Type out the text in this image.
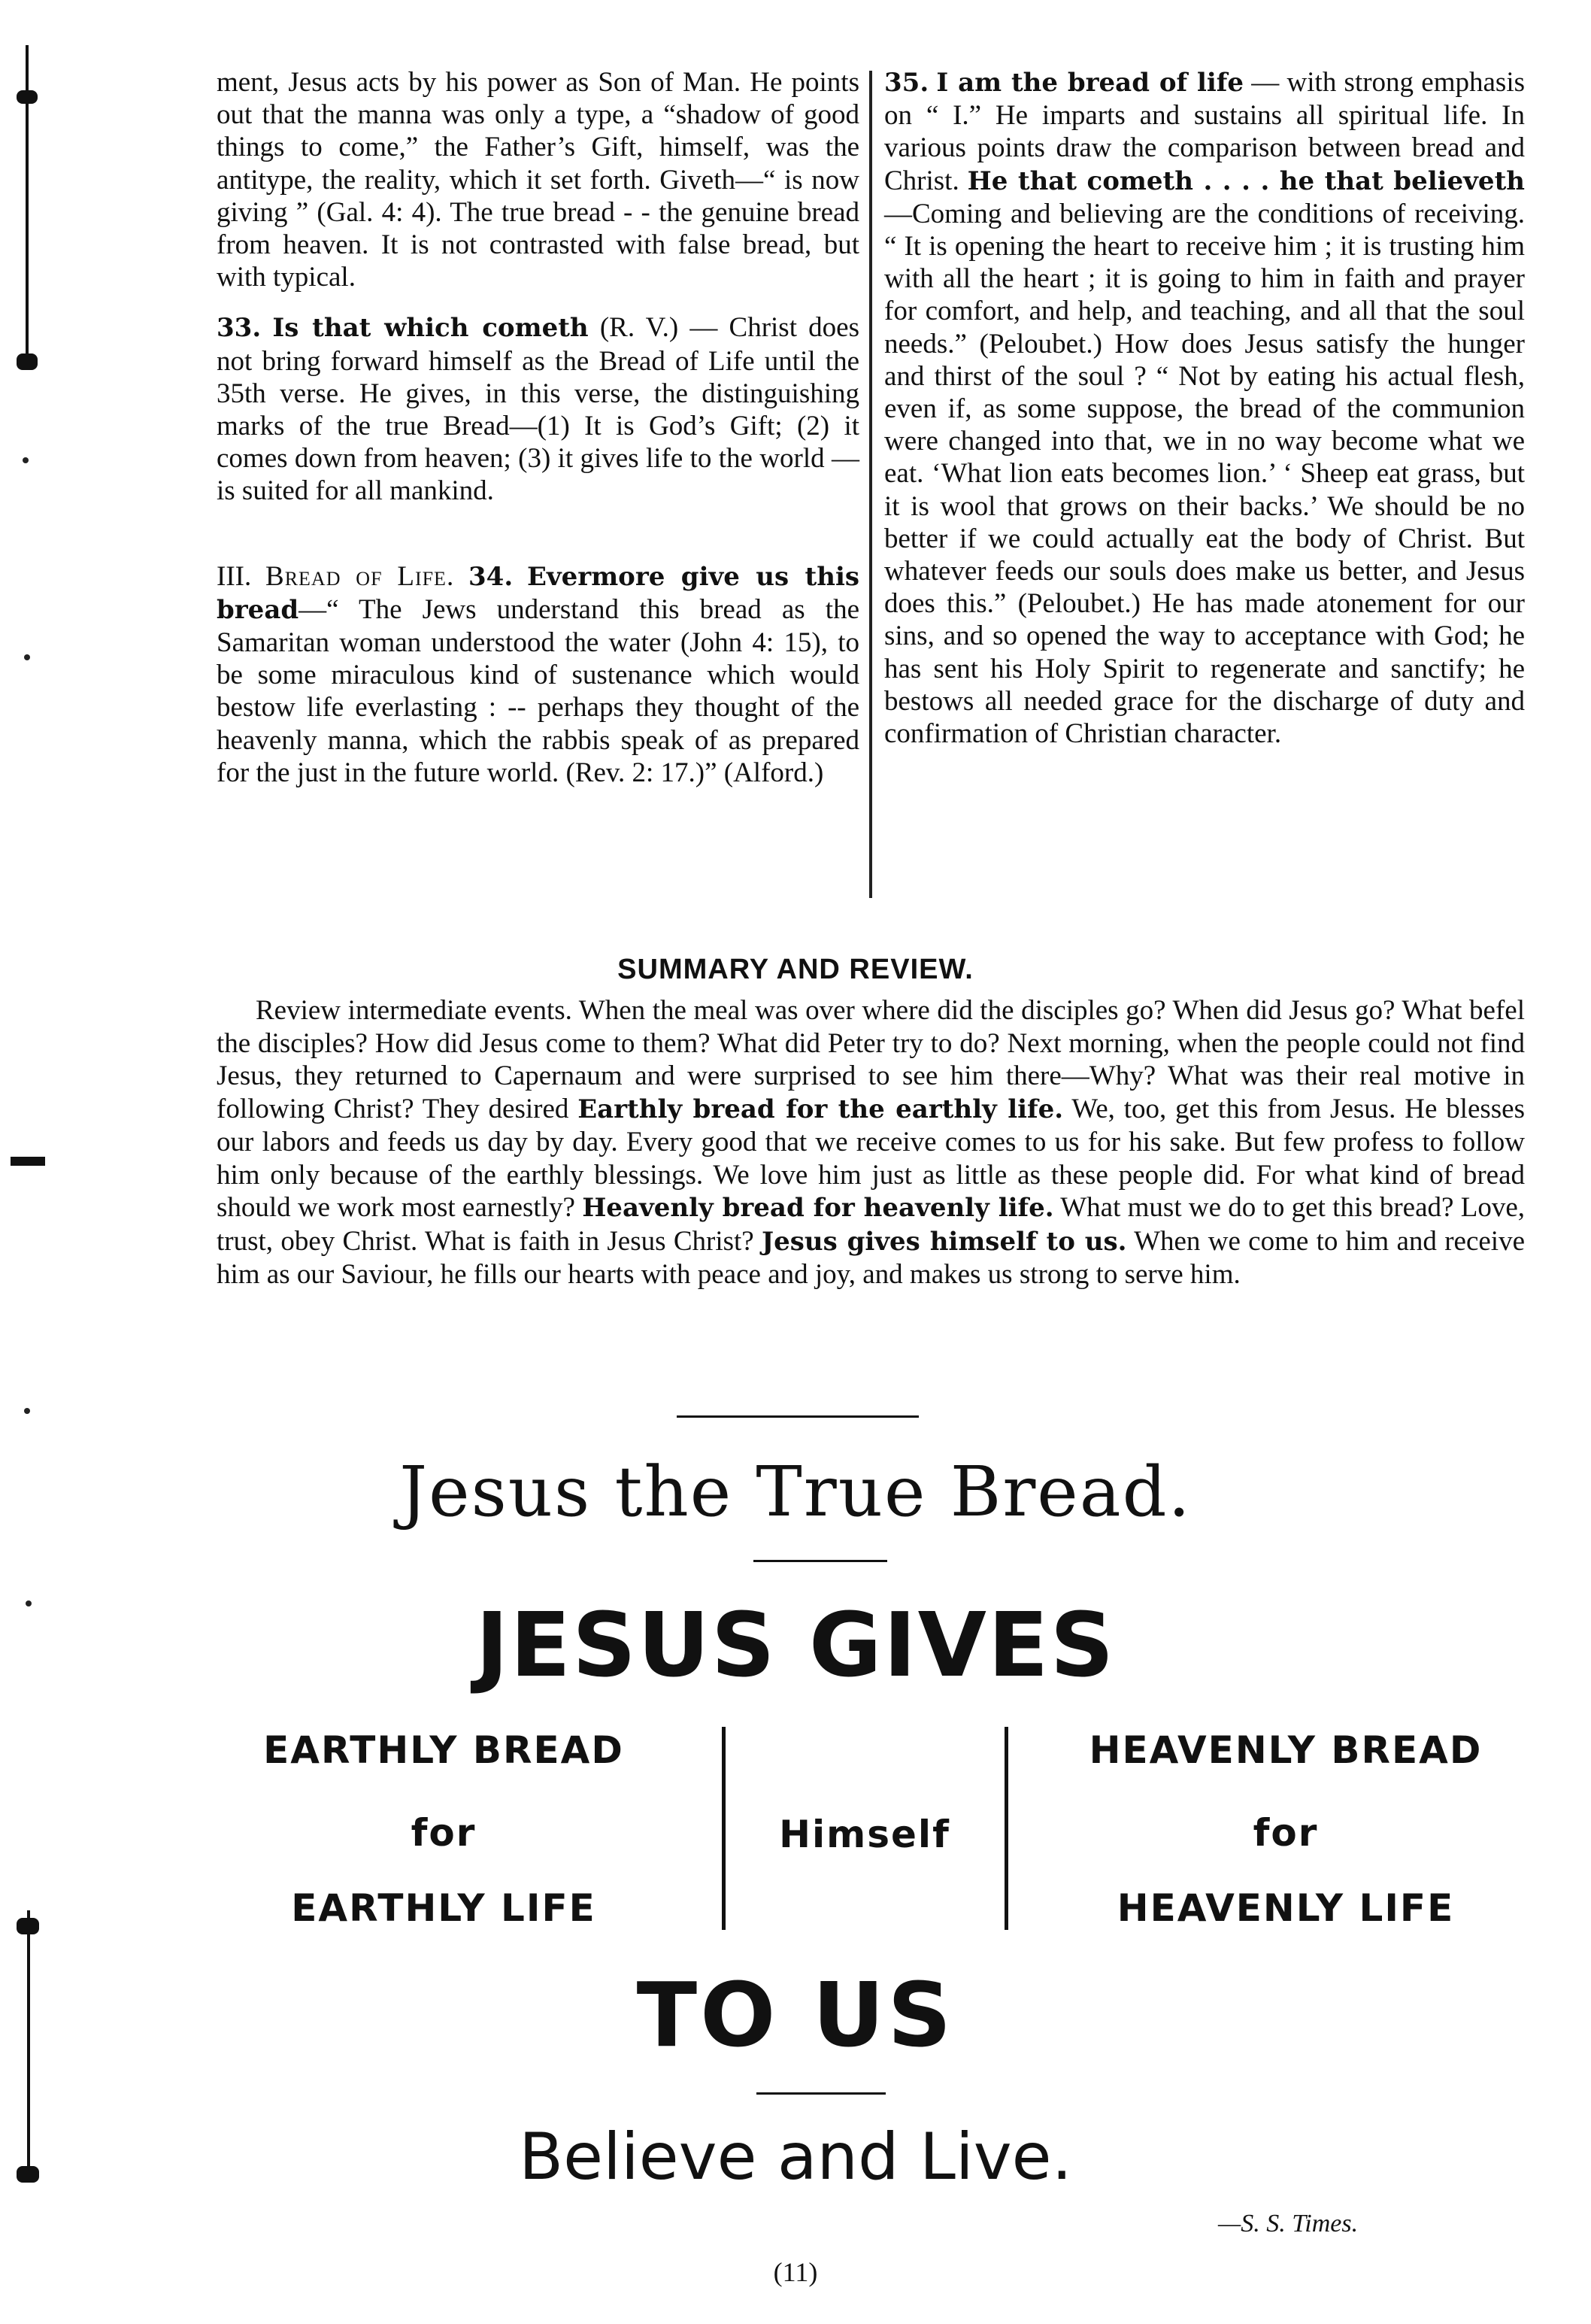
ment, Jesus acts by his power as Son of Man. He points out that the manna was only a type, a “shadow of good things to come,” the Father’s Gift, himself, was the antitype, the reality, which it set forth. Giveth—“ is now giving ” (Gal. 4: 4). The true bread - - the genuine bread from heaven. It is not contrasted with false bread, but with typical.

33. Is that which cometh (R. V.) — Christ does not bring forward himself as the Bread of Life until the 35th verse. He gives, in this verse, the distinguishing marks of the true Bread—(1) It is God’s Gift; (2) it comes down from heaven; (3) it gives life to the world —is suited for all mankind.

III. Bread of Life. 34. Evermore give us this bread—“ The Jews understand this bread as the Samaritan woman understood the water (John 4: 15), to be some miraculous kind of sustenance which would bestow life everlasting : -- perhaps they thought of the heavenly manna, which the rabbis speak of as prepared for the just in the future world. (Rev. 2: 17.)” (Alford.)

35. I am the bread of life — with strong emphasis on “ I.” He imparts and sustains all spiritual life. In various points draw the comparison between bread and Christ. He that cometh . . . . he that believeth—Coming and believing are the conditions of receiving. “ It is opening the heart to receive him ; it is trusting him with all the heart ; it is going to him in faith and prayer for comfort, and help, and teaching, and all that the soul needs.” (Peloubet.) How does Jesus satisfy the hunger and thirst of the soul ? “ Not by eating his actual flesh, even if, as some suppose, the bread of the communion were changed into that, we in no way become what we eat. ‘What lion eats becomes lion.’ ‘ Sheep eat grass, but it is wool that grows on their backs.’ We should be no better if we could actually eat the body of Christ. But whatever feeds our souls does make us better, and Jesus does this.” (Peloubet.) He has made atonement for our sins, and so opened the way to acceptance with God; he has sent his Holy Spirit to regenerate and sanctify; he bestows all needed grace for the discharge of duty and confirmation of Christian character.

SUMMARY AND REVIEW.

Review intermediate events. When the meal was over where did the disciples go? When did Jesus go? What befel the disciples? How did Jesus come to them? What did Peter try to do? Next morning, when the people could not find Jesus, they returned to Capernaum and were surprised to see him there—Why? What was their real motive in following Christ? They desired Earthly bread for the earthly life. We, too, get this from Jesus. He blesses our labors and feeds us day by day. Every good that we receive comes to us for his sake. But few profess to follow him only because of the earthly blessings. We love him just as little as these people did. For what kind of bread should we work most earnestly? Heavenly bread for heavenly life. What must we do to get this bread? Love, trust, obey Christ. What is faith in Jesus Christ? Jesus gives himself to us. When we come to him and receive him as our Saviour, he fills our hearts with peace and joy, and makes us strong to serve him.

Jesus the True Bread.
JESUS GIVES
EARTHLY BREAD
for
EARTHLY LIFE
Himself
HEAVENLY BREAD
for
HEAVENLY LIFE
TO US
Believe and Live.
—S. S. Times.
(11)
